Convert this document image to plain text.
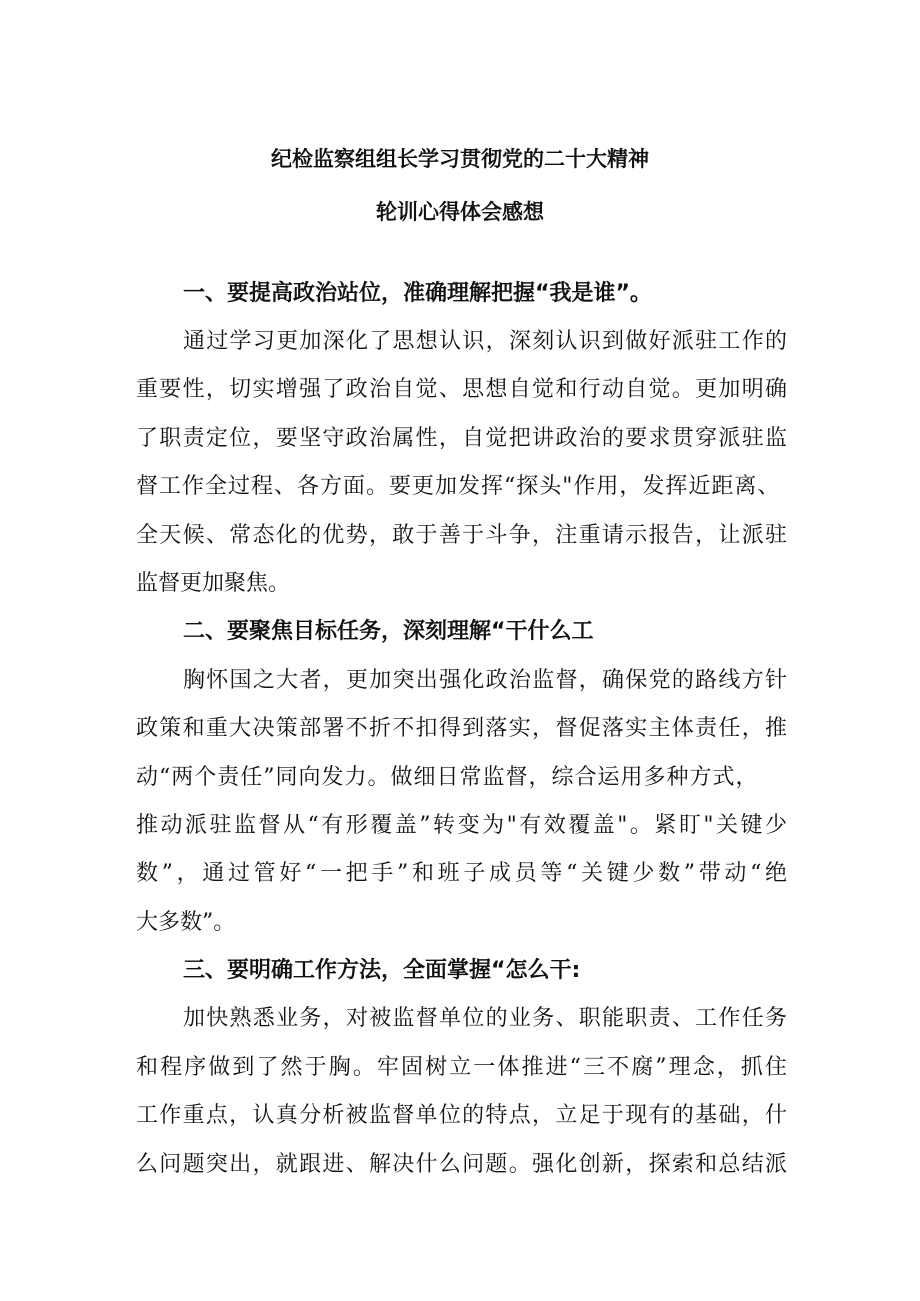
纪检监察组组长学习贯彻党的二十大精神
轮训心得体会感想
一、要提高政治站位，准确理解把握“我是谁”。
通过学习更加深化了思想认识，深刻认识到做好派驻工作的
重要性，切实增强了政治自觉、思想自觉和行动自觉。更加明确
了职责定位，要坚守政治属性，自觉把讲政治的要求贯穿派驻监
督工作全过程、各方面。要更加发挥“探头"作用，发挥近距离、
全天候、常态化的优势，敢于善于斗争，注重请示报告，让派驻
监督更加聚焦。
二、要聚焦目标任务，深刻理解“干什么工
胸怀国之大者，更加突出强化政治监督，确保党的路线方针
政策和重大决策部署不折不扣得到落实，督促落实主体责任，推
动“两个责任”同向发力。做细日常监督，综合运用多种方式，
推动派驻监督从“有形覆盖”转变为"有效覆盖"。紧盯"关键少
数”，通过管好“一把手”和班子成员等“关键少数”带动“绝
大多数”。
三、要明确工作方法，全面掌握“怎么干:
加快熟悉业务，对被监督单位的业务、职能职责、工作任务
和程序做到了然于胸。牢固树立一体推进“三不腐”理念，抓住
工作重点，认真分析被监督单位的特点，立足于现有的基础，什
么问题突出，就跟进、解决什么问题。强化创新，探索和总结派
